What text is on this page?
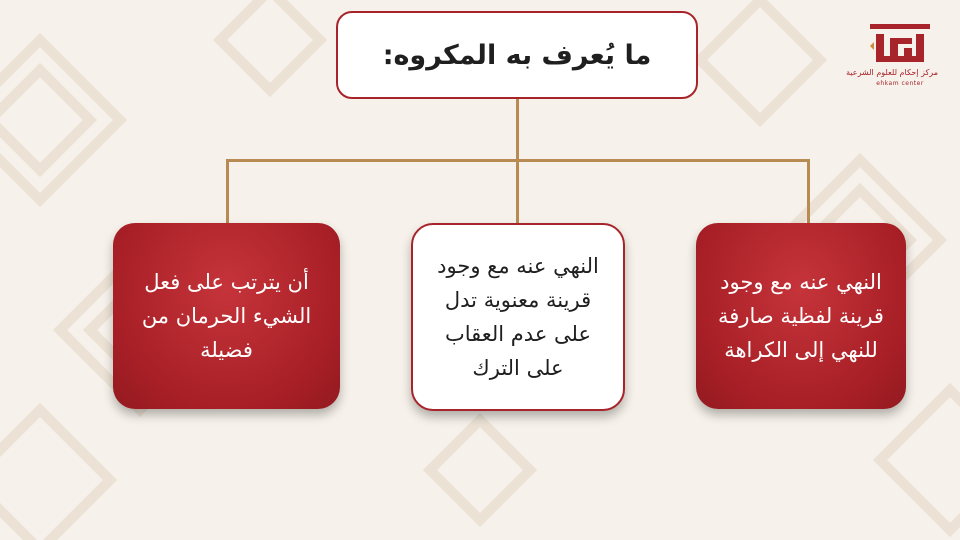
ما يُعرف به المكروه:
النهي عنه مع وجود قرينة لفظية صارفة للنهي إلى الكراهة
النهي عنه مع وجود قرينة معنوية تدل على عدم العقاب على الترك
أن يترتب على فعل الشيء الحرمان من فضيلة
مركز إحكام للعلوم الشرعية
ehkam center
